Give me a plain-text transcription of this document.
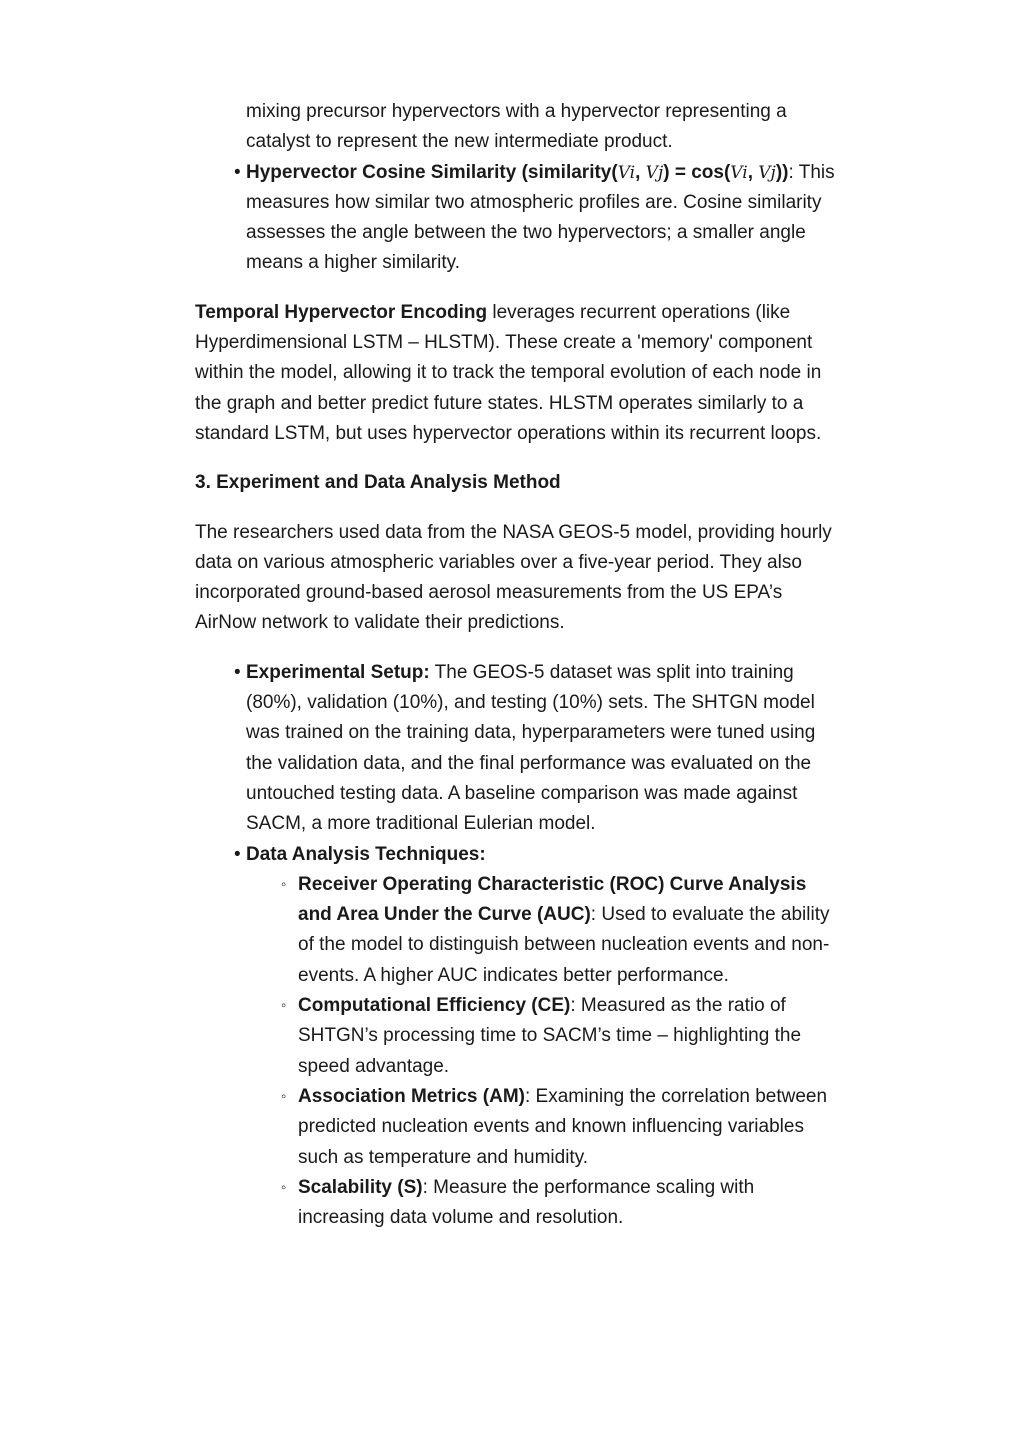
mixing precursor hypervectors with a hypervector representing a catalyst to represent the new intermediate product.

• Hypervector Cosine Similarity (similarity(Vi, Vj) = cos(Vi, Vj)): This measures how similar two atmospheric profiles are. Cosine similarity assesses the angle between the two hypervectors; a smaller angle means a higher similarity.

Temporal Hypervector Encoding leverages recurrent operations (like Hyperdimensional LSTM – HLSTM). These create a 'memory' component within the model, allowing it to track the temporal evolution of each node in the graph and better predict future states. HLSTM operates similarly to a standard LSTM, but uses hypervector operations within its recurrent loops.

3. Experiment and Data Analysis Method

The researchers used data from the NASA GEOS-5 model, providing hourly data on various atmospheric variables over a five-year period. They also incorporated ground-based aerosol measurements from the US EPA’s AirNow network to validate their predictions.

• Experimental Setup: The GEOS-5 dataset was split into training (80%), validation (10%), and testing (10%) sets. The SHTGN model was trained on the training data, hyperparameters were tuned using the validation data, and the final performance was evaluated on the untouched testing data. A baseline comparison was made against SACM, a more traditional Eulerian model.
• Data Analysis Techniques:
◦ Receiver Operating Characteristic (ROC) Curve Analysis and Area Under the Curve (AUC): Used to evaluate the ability of the model to distinguish between nucleation events and non-events. A higher AUC indicates better performance.
◦ Computational Efficiency (CE): Measured as the ratio of SHTGN’s processing time to SACM’s time – highlighting the speed advantage.
◦ Association Metrics (AM): Examining the correlation between predicted nucleation events and known influencing variables such as temperature and humidity.
◦ Scalability (S): Measure the performance scaling with increasing data volume and resolution.
